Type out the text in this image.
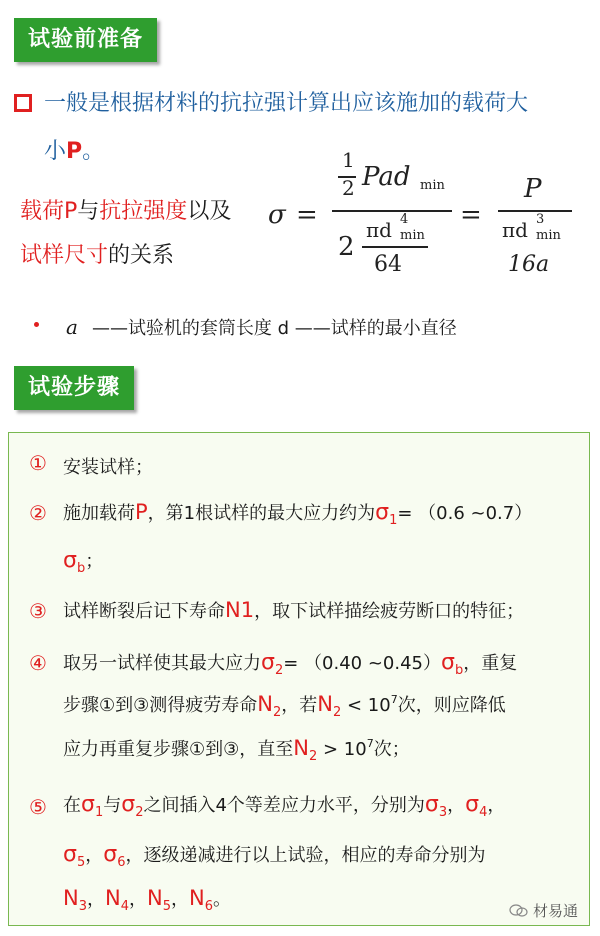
试验前准备
一般是根据材料的抗拉强计算出应该施加的载荷大
小P。
载荷P与抗拉强度以及
试样尺寸的关系
σ =
1
2 Pad min
2
πd 4
min
64
=
P
πd 3
min
16a
a ——试验机的套筒长度 d ——试样的最小直径
试验步骤
① 安装试样；
② 施加载荷P，第1根试样的最大应力约为$\sigma_1= (0.6$ ~0.7）
$\sigma_b$；
③ 试样断裂后记下寿命N1，取下试样描绘疲劳断口的特征；
④ 取另一试样使其最大应力$\sigma_2= (0.40$ $\sim 0.45)\sigma_b$，重复
步骤①到③测得疲劳寿命$N_2$，若$N_2 < 10^7$次，则应降低
应力再重复步骤①到③，直至$N_2 > 10^7$次；
⑤ 在$\sigma_1$与$\sigma_2$之间插入4个等差应力水平，分别为$\sigma_3$，$\sigma_4$，
$\sigma_5$，$\sigma_6$，逐级递减进行以上试验，相应的寿命分别为
$N_3$，$N_4$，$N_5$，$N_6$。
材易通
